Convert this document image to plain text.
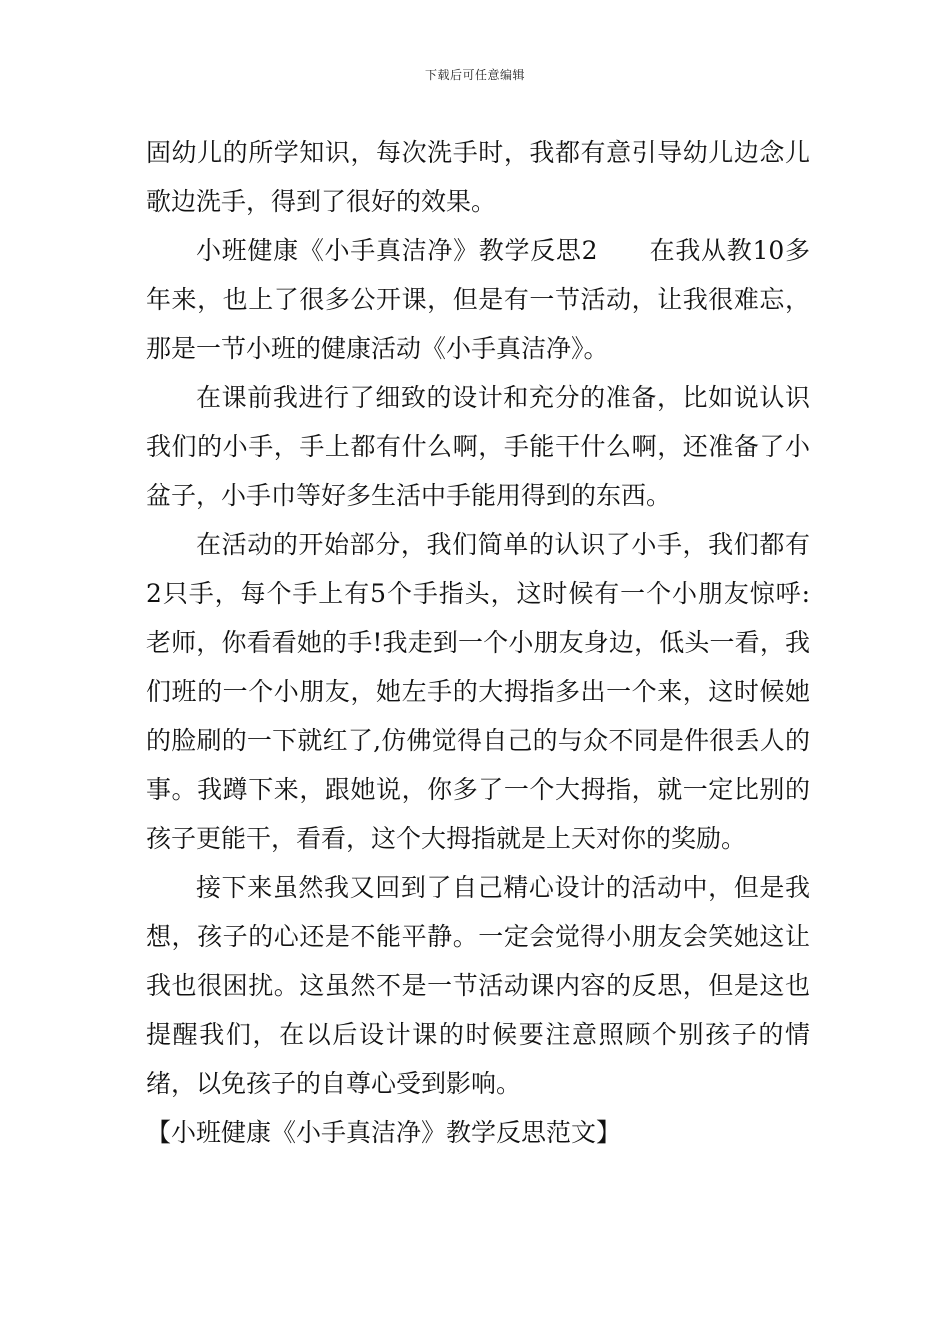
下载后可任意编辑

固幼儿的所学知识，每次洗手时，我都有意引导幼儿边念儿歌边洗手，得到了很好的效果。

小班健康《小手真洁净》教学反思2　　在我从教10多年来，也上了很多公开课，但是有一节活动，让我很难忘，那是一节小班的健康活动《小手真洁净》。

在课前我进行了细致的设计和充分的准备，比如说认识我们的小手，手上都有什么啊，手能干什么啊，还准备了小盆子，小手巾等好多生活中手能用得到的东西。

在活动的开始部分，我们简单的认识了小手，我们都有2只手，每个手上有5个手指头，这时候有一个小朋友惊呼:老师，你看看她的手!我走到一个小朋友身边，低头一看，我们班的一个小朋友，她左手的大拇指多出一个来，这时候她的脸刷的一下就红了,仿佛觉得自己的与众不同是件很丢人的事。我蹲下来，跟她说，你多了一个大拇指，就一定比别的孩子更能干，看看，这个大拇指就是上天对你的奖励。

接下来虽然我又回到了自己精心设计的活动中，但是我想，孩子的心还是不能平静。一定会觉得小朋友会笑她这让我也很困扰。这虽然不是一节活动课内容的反思，但是这也提醒我们，在以后设计课的时候要注意照顾个别孩子的情绪，以免孩子的自尊心受到影响。

【小班健康《小手真洁净》教学反思范文】
